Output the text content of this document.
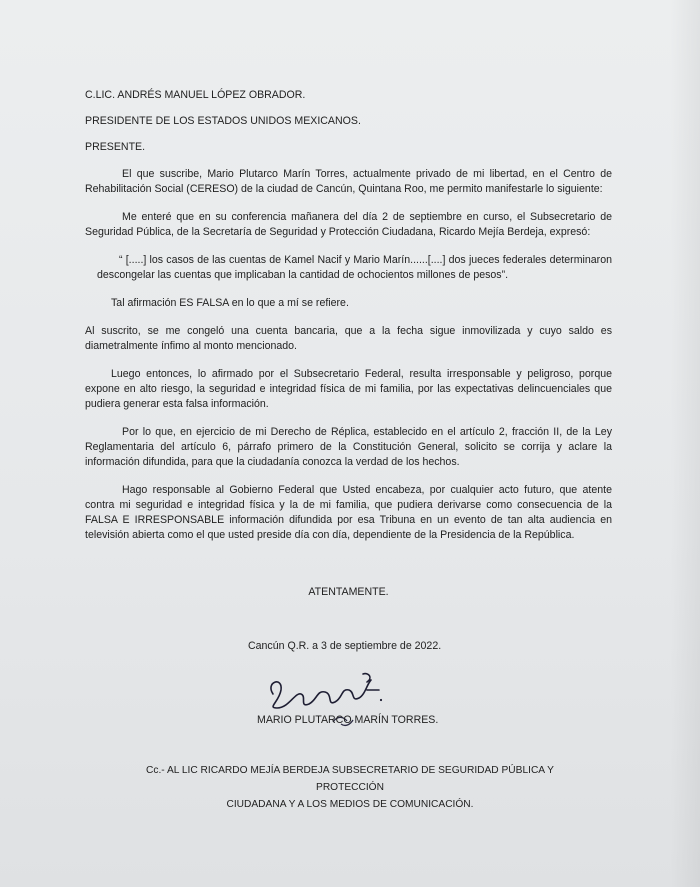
C.LIC. ANDRÉS MANUEL LÓPEZ OBRADOR.

PRESIDENTE DE LOS ESTADOS UNIDOS MEXICANOS.

PRESENTE.

El que suscribe, Mario Plutarco Marín Torres, actualmente privado de mi libertad, en el Centro de Rehabilitación Social (CERESO) de la ciudad de Cancún, Quintana Roo, me permito manifestarle lo siguiente:

Me enteré que en su conferencia mañanera del día 2 de septiembre en curso, el Subsecretario de Seguridad Pública, de la Secretaría de Seguridad y Protección Ciudadana, Ricardo Mejía Berdeja, expresó:

“ [.....] los casos de las cuentas de Kamel Nacif y Mario Marín......[....] dos jueces federales determinaron descongelar las cuentas que implicaban la cantidad de ochocientos millones de pesos”.

Tal afirmación ES FALSA en lo que a mí se refiere.

Al suscrito, se me congeló una cuenta bancaria, que a la fecha sigue inmovilizada y cuyo saldo es diametralmente ínfimo al monto mencionado.

Luego entonces, lo afirmado por el Subsecretario Federal, resulta irresponsable y peligroso, porque expone en alto riesgo, la seguridad e integridad física de mi familia, por las expectativas delincuenciales que pudiera generar esta falsa información.

Por lo que, en ejercicio de mi Derecho de Réplica, establecido en el artículo 2, fracción II, de la Ley Reglamentaria del artículo 6, párrafo primero de la Constitución General, solicito se corrija y aclare la información difundida, para que la ciudadanía conozca la verdad de los hechos.

Hago responsable al Gobierno Federal que Usted encabeza, por cualquier acto futuro, que atente contra mi seguridad e integridad física y la de mi familia, que pudiera derivarse como consecuencia de la FALSA E IRRESPONSABLE información difundida por esa Tribuna en un evento de tan alta audiencia en televisión abierta como el que usted preside día con día, dependiente de la Presidencia de la República.

ATENTAMENTE.

Cancún Q.R. a 3 de septiembre de 2022.

MARIO PLUTARCO MARÍN TORRES.

Cc.- AL LIC RICARDO MEJÍA BERDEJA SUBSECRETARIO DE SEGURIDAD PÚBLICA Y PROTECCIÓN
CIUDADANA Y A LOS MEDIOS DE COMUNICACIÓN.
